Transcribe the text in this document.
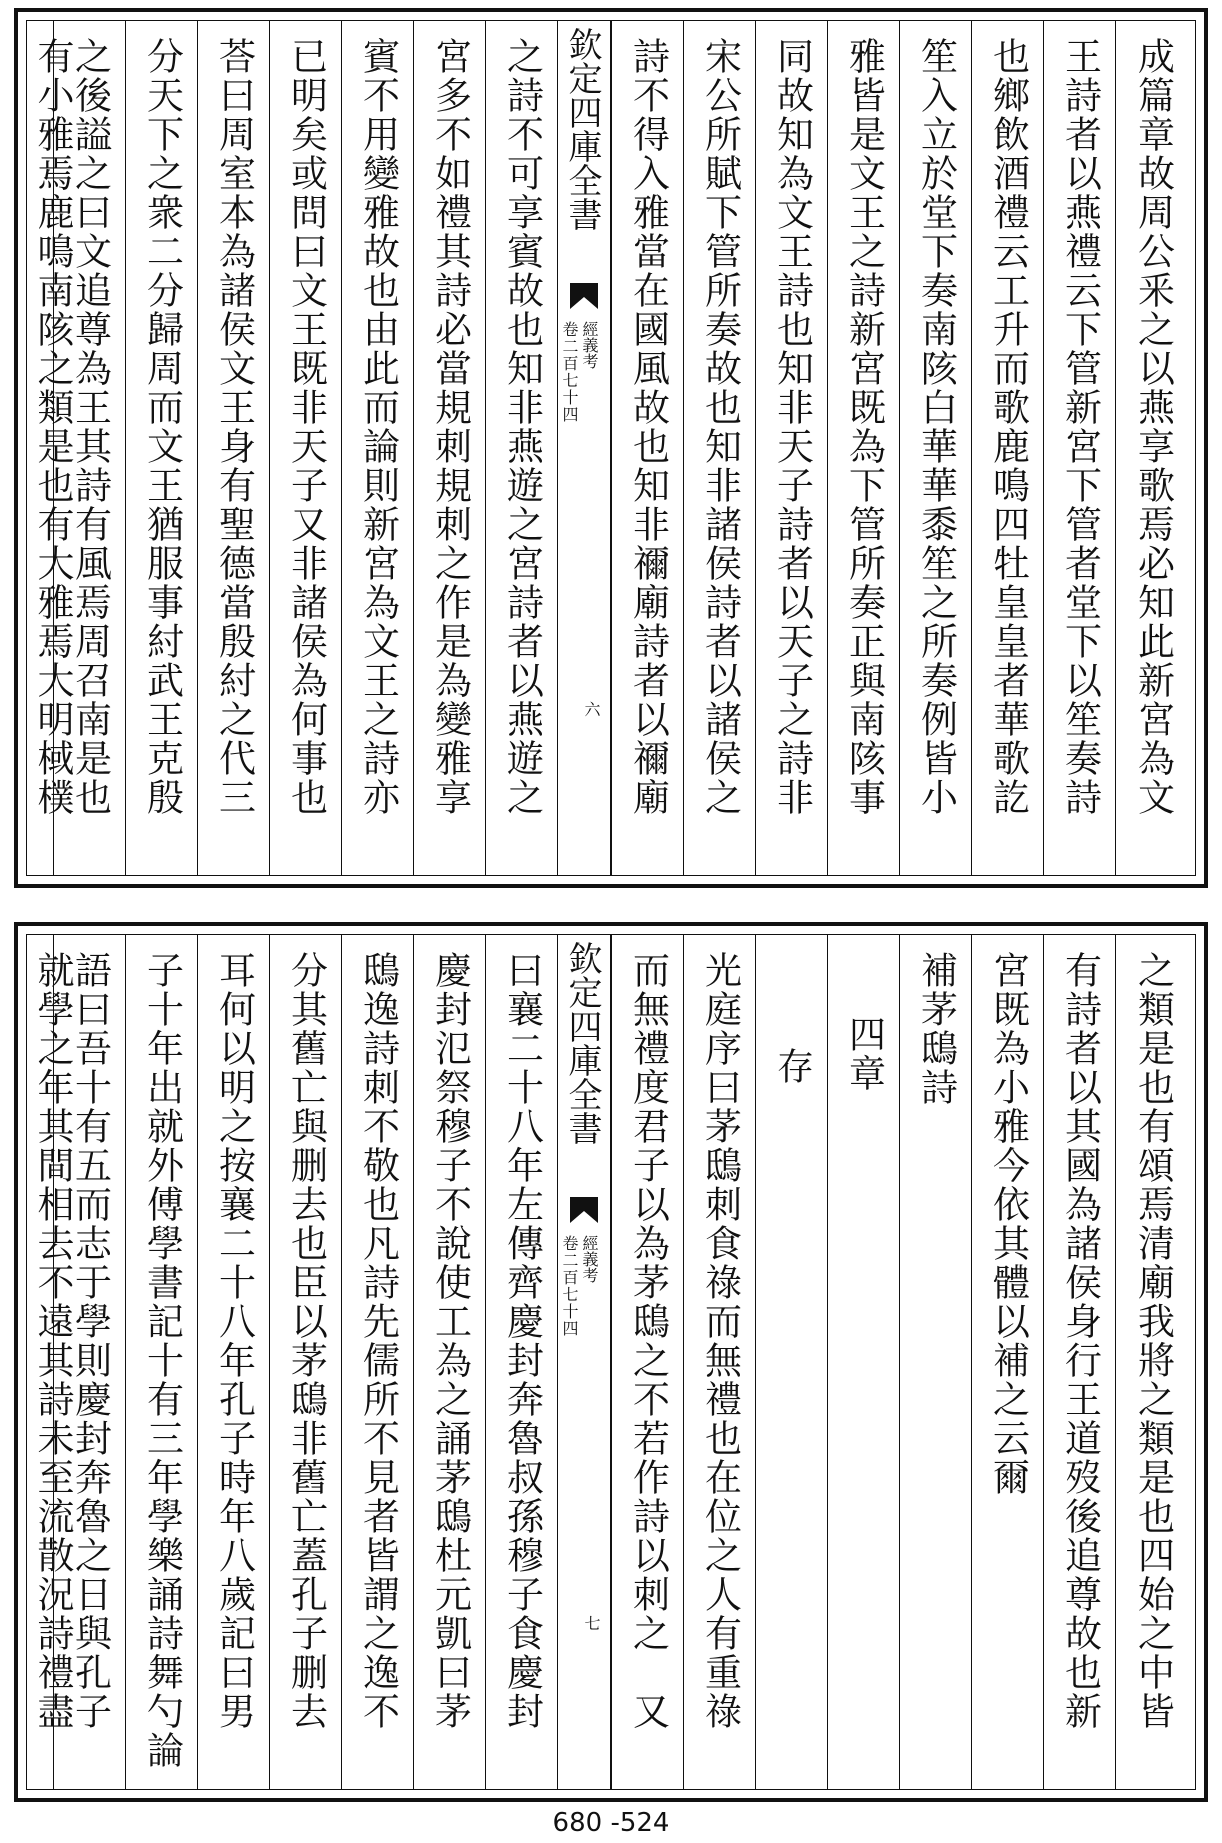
成篇章故周公釆之以燕享歌焉必知此新宮為文
王詩者以燕禮云下管新宮下管者堂下以笙奏詩
也鄉飲酒禮云工升而歌鹿鳴四牡皇皇者華歌訖
笙入立於堂下奏南陔白華華黍笙之所奏例皆小
雅皆是文王之詩新宮既為下管所奏正與南陔事
同故知為文王詩也知非天子詩者以天子之詩非
宋公所賦下管所奏故也知非諸侯詩者以諸侯之
詩不得入雅當在國風故也知非禰廟詩者以禰廟
欽定四庫全書
經義考
卷二百七十四
六
之詩不可享賓故也知非燕遊之宮詩者以燕遊之
宮多不如禮其詩必當規刺規刺之作是為變雅享
賓不用變雅故也由此而論則新宮為文王之詩亦
已明矣或問曰文王既非天子又非諸侯為何事也
荅曰周室本為諸侯文王身有聖德當殷紂之代三
分天下之衆二分歸周而文王猶服事紂武王克殷
之後謚之曰文追尊為王其詩有風焉周召南是也
有小雅焉鹿鳴南陔之類是也有大雅焉大明棫樸
之類是也有頌焉清廟我將之類是也四始之中皆
有詩者以其國為諸侯身行王道歿後追尊故也新
宮既為小雅今依其體以補之云爾
補茅鴟詩
四章
存
光庭序曰茅鴟刺食祿而無禮也在位之人有重祿
而無禮度君子以為茅鴟之不若作詩以刺之　又
欽定四庫全書
經義考
卷二百七十四
七
曰襄二十八年左傳齊慶封奔魯叔孫穆子食慶封
慶封氾祭穆子不說使工為之誦茅鴟杜元凱曰茅
鴟逸詩刺不敬也凡詩先儒所不見者皆謂之逸不
分其舊亡與删去也臣以茅鴟非舊亡蓋孔子删去
耳何以明之按襄二十八年孔子時年八歲記曰男
子十年出就外傅學書記十有三年學樂誦詩舞勺論
語曰吾十有五而志于學則慶封奔魯之日與孔子
就學之年其間相去不遠其詩未至流散況詩禮盡
680 -524
